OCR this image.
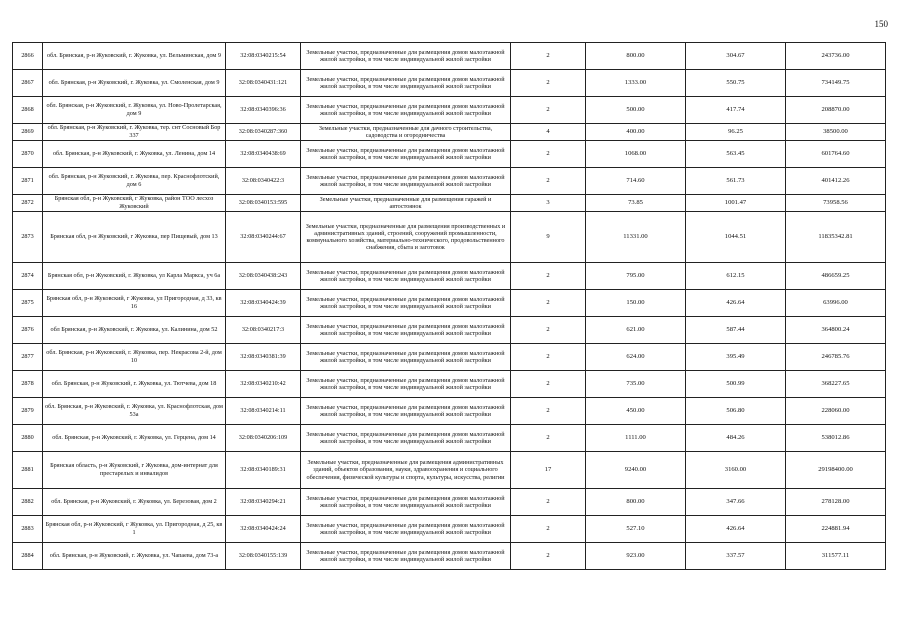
150
2866	обл. Брянская, р-н Жуковский, г. Жуковка, ул. Вельминская, дом 9	32:08:0340215:54	Земельные участки, предназначенные для размещения домов малоэтажной жилой застройки, в том числе индивидуальной жилой застройки	2	800.00	304.67	243736.00
2867	обл. Брянская, р-н Жуковский, г. Жуковка, ул. Смоленская, дом 9	32:08:0340431:121	Земельные участки, предназначенные для размещения домов малоэтажной жилой застройки, в том числе индивидуальной жилой застройки	2	1333.00	550.75	734149.75
2868	обл. Брянская, р-н Жуковский, г. Жуковка, ул. Ново-Пролетарская, дом 9	32:08:0340396:36	Земельные участки, предназначенные для размещения домов малоэтажной жилой застройки, в том числе индивидуальной жилой застройки	2	500.00	417.74	208870.00
2869	обл. Брянская, р-н Жуковский, г. Жуковка, тер. снт Сосновый Бор 337	32:08:0340287:360	Земельные участки, предназначенные для дачного строительства, садоводства и огородничества	4	400.00	96.25	38500.00
2870	обл. Брянская, р-н Жуковский, г. Жуковка, ул. Ленина, дом 14	32:08:0340438:69	Земельные участки, предназначенные для размещения домов малоэтажной жилой застройки, в том числе индивидуальной жилой застройки	2	1068.00	563.45	601764.60
2871	обл. Брянская, р-н Жуковский, г. Жуковка, пер. Краснофлотский, дом 6	32:08:0340422:3	Земельные участки, предназначенные для размещения домов малоэтажной жилой застройки, в том числе индивидуальной жилой застройки	2	714.60	561.73	401412.26
2872	Брянская обл, р-н Жуковский, г Жуковка, район ТОО лесхоз Жуковский	32:08:0340153:595	Земельные участки, предназначенные для размещения гаражей и автостоянок	3	73.85	1001.47	73958.56
2873	Брянская обл, р-н Жуковский, г Жуковка, пер Пищевый, дом 13	32:08:0340244:67	Земельные участки, предназначенные для размещения производственных и административных зданий, строений, сооружений промышленности, коммунального хозяйства, материально-технического, продовольственного снабжения, сбыта и заготовок	9	11331.00	1044.51	11835342.81
2874	Брянская обл, р-н Жуковский, г. Жуковка, ул Карла Маркса, уч 6а	32:08:0340438:243	Земельные участки, предназначенные для размещения домов малоэтажной жилой застройки, в том числе индивидуальной жилой застройки	2	795.00	612.15	486659.25
2875	Брянская обл, р-н Жуковский, г Жуковка, ул Пригородная, д 33, кв 16	32:08:0340424:39	Земельные участки, предназначенные для размещения домов малоэтажной жилой застройки, в том числе индивидуальной жилой застройки	2	150.00	426.64	63996.00
2876	обл Брянская, р-н Жуковский, г. Жуковка, ул. Калинина, дом 52	32:08:0340217:3	Земельные участки, предназначенные для размещения домов малоэтажной жилой застройки, в том числе индивидуальной жилой застройки	2	621.00	587.44	364800.24
2877	обл. Брянская, р-н Жуковский, г. Жуковка, пер. Некрасова 2-й, дом 10	32:08:0340381:39	Земельные участки, предназначенные для размещения домов малоэтажной жилой застройки, в том числе индивидуальной жилой застройки	2	624.00	395.49	246785.76
2878	обл. Брянская, р-н Жуковский, г. Жуковка, ул. Тютчева, дом 18	32:08:0340210:42	Земельные участки, предназначенные для размещения домов малоэтажной жилой застройки, в том числе индивидуальной жилой застройки	2	735.00	500.99	368227.65
2879	обл. Брянская, р-н Жуковский, г. Жуковка, ул. Краснофлотская, дом 53а	32:08:0340214:11	Земельные участки, предназначенные для размещения домов малоэтажной жилой застройки, в том числе индивидуальной жилой застройки	2	450.00	506.80	228060.00
2880	обл. Брянская, р-н Жуковский, г. Жуковка, ул. Герцена, дом 14	32:08:0340206:109	Земельные участки, предназначенные для размещения домов малоэтажной жилой застройки, в том числе индивидуальной жилой застройки	2	1111.00	484.26	538012.86
2881	Брянская область, р-н Жуковский, г Жуковка, дом-интернат для престарелых и инвалидов	32:08:0340189:31	Земельные участки, предназначенные для размещения административных зданий, объектов образования, науки, здравоохранения и социального обеспечения, физической культуры и спорта, культуры, искусства, религии	17	9240.00	3160.00	29198400.00
2882	обл. Брянская, р-н Жуковский, г. Жуковка, ул. Березовая, дом 2	32:08:0340294:21	Земельные участки, предназначенные для размещения домов малоэтажной жилой застройки, в том числе индивидуальной жилой застройки	2	800.00	347.66	278128.00
2883	Брянская обл, р-н Жуковский, г Жуковка, ул. Пригородная, д 25, кв 1	32:08:0340424:24	Земельные участки, предназначенные для размещения домов малоэтажной жилой застройки, в том числе индивидуальной жилой застройки	2	527.10	426.64	224881.94
2884	обл. Брянская, р-н Жуковский, г. Жуковка, ул. Чапаева, дом 73-а	32:08:0340155:139	Земельные участки, предназначенные для размещения домов малоэтажной жилой застройки, в том числе индивидуальной жилой застройки	2	923.00	337.57	311577.11
